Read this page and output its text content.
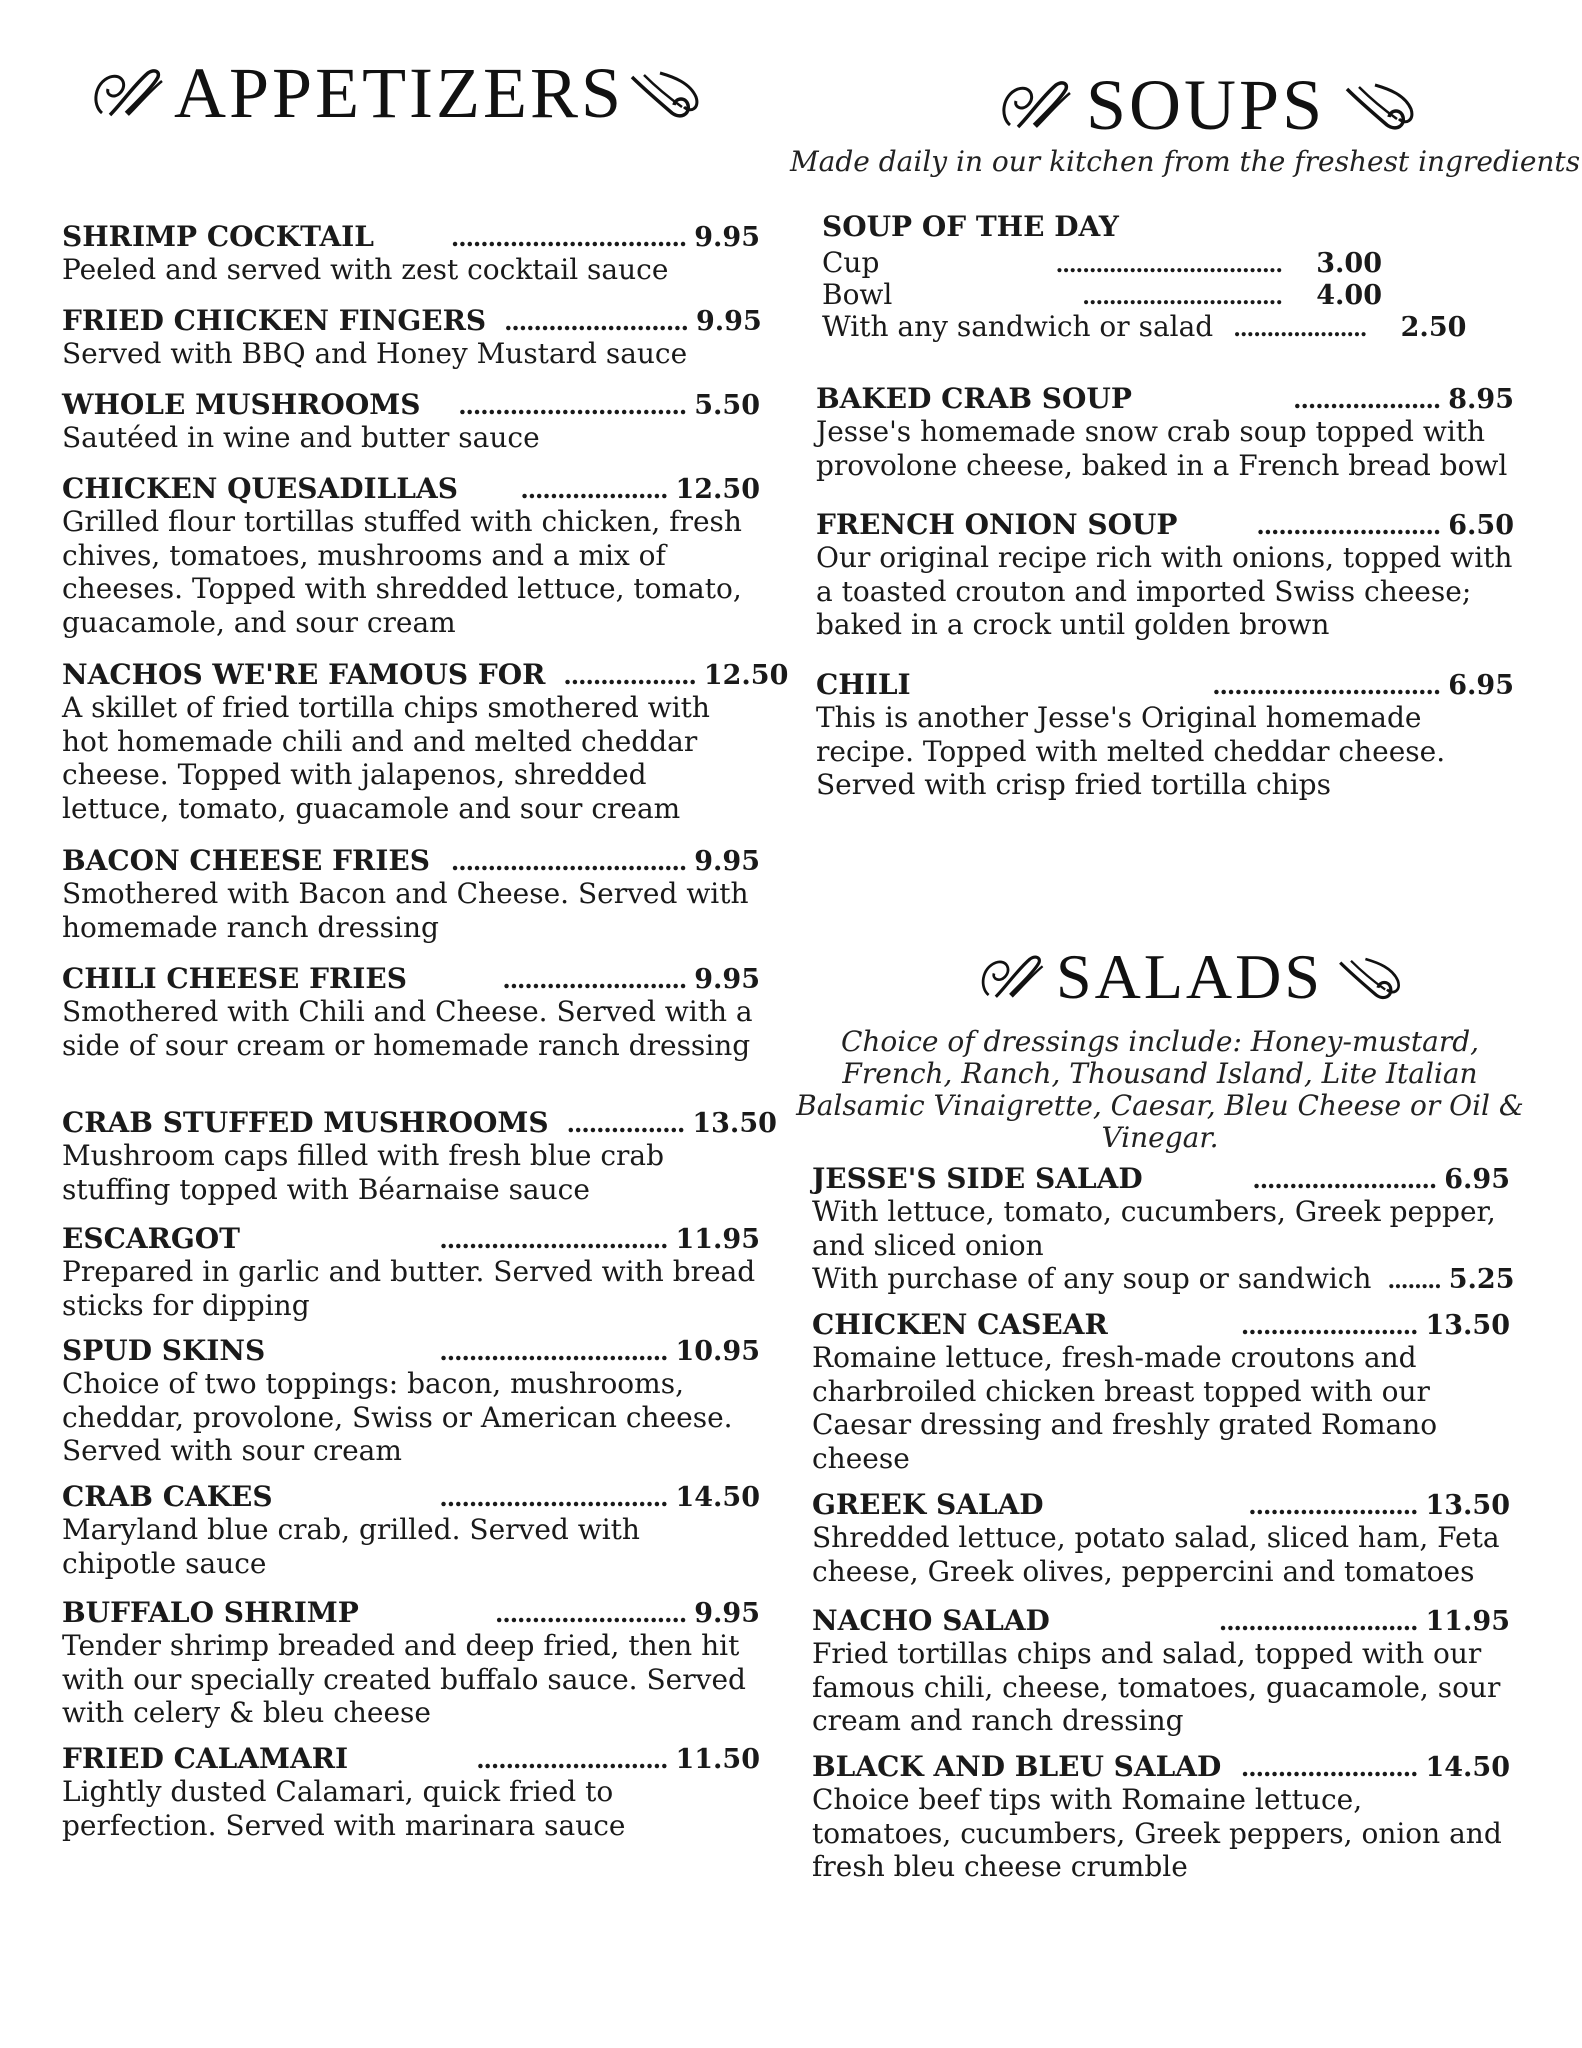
APPETIZERS
SHRIMP COCKTAIL	................................ 9.95
Peeled and served with zest cocktail sauce
FRIED CHICKEN FINGERS ......................... 9.95
Served with BBQ and Honey Mustard sauce
WHOLE MUSHROOMS	............................... 5.50
Sautéed in wine and butter sauce
CHICKEN QUESADILLAS	.................... 12.50
Grilled flour tortillas stuffed with chicken, fresh chives, tomatoes, mushrooms and a mix of cheeses. Topped with shredded lettuce, tomato, guacamole, and sour cream
NACHOS WE'RE FAMOUS FOR .................. 12.50
A skillet of fried tortilla chips smothered with hot homemade chili and and melted cheddar cheese. Topped with jalapenos, shredded lettuce, tomato, guacamole and sour cream
BACON CHEESE FRIES ................................ 9.95
Smothered with Bacon and Cheese. Served with homemade ranch dressing
CHILI CHEESE FRIES	......................... 9.95
Smothered with Chili and Cheese. Served with a side of sour cream or homemade ranch dressing
CRAB STUFFED MUSHROOMS ................ 13.50
Mushroom caps filled with fresh blue crab stuffing topped with Béarnaise sauce
ESCARGOT	............................... 11.95
Prepared in garlic and butter. Served with bread sticks for dipping
SPUD SKINS	............................... 10.95
Choice of two toppings: bacon, mushrooms, cheddar, provolone, Swiss or American cheese. Served with sour cream
CRAB CAKES	............................... 14.50
Maryland blue crab, grilled. Served with chipotle sauce
BUFFALO SHRIMP	.......................... 9.95
Tender shrimp breaded and deep fried, then hit with our specially created buffalo sauce. Served with celery & bleu cheese
FRIED CALAMARI	.......................... 11.50
Lightly dusted Calamari, quick fried to perfection. Served with marinara sauce
SOUPS
Made daily in our kitchen from the freshest ingredients
SOUP OF THE DAY
Cup	..................................	3.00
Bowl	..............................	4.00
With any sandwich or salad ....................	2.50
BAKED CRAB SOUP	.................... 8.95
Jesse's homemade snow crab soup topped with provolone cheese, baked in a French bread bowl
FRENCH ONION SOUP	......................... 6.50
Our original recipe rich with onions, topped with a toasted crouton and imported Swiss cheese; baked in a crock until golden brown
CHILI	............................... 6.95
This is another Jesse's Original homemade recipe. Topped with melted cheddar cheese. Served with crisp fried tortilla chips
SALADS
Choice of dressings include: Honey-mustard, French, Ranch, Thousand Island, Lite Italian Balsamic Vinaigrette, Caesar, Bleu Cheese or Oil & Vinegar.
JESSE'S SIDE SALAD	......................... 6.95
With lettuce, tomato, cucumbers, Greek pepper, and sliced onion
With purchase of any soup or sandwich ........ 5.25
CHICKEN CASEAR	........................ 13.50
Romaine lettuce, fresh-made croutons and charbroiled chicken breast topped with our Caesar dressing and freshly grated Romano cheese
GREEK SALAD	....................... 13.50
Shredded lettuce, potato salad, sliced ham, Feta cheese, Greek olives, peppercini and tomatoes
NACHO SALAD	........................... 11.95
Fried tortillas chips and salad, topped with our famous chili, cheese, tomatoes, guacamole, sour cream and ranch dressing
BLACK AND BLEU SALAD ........................ 14.50
Choice beef tips with Romaine lettuce, tomatoes, cucumbers, Greek peppers, onion and fresh bleu cheese crumble
